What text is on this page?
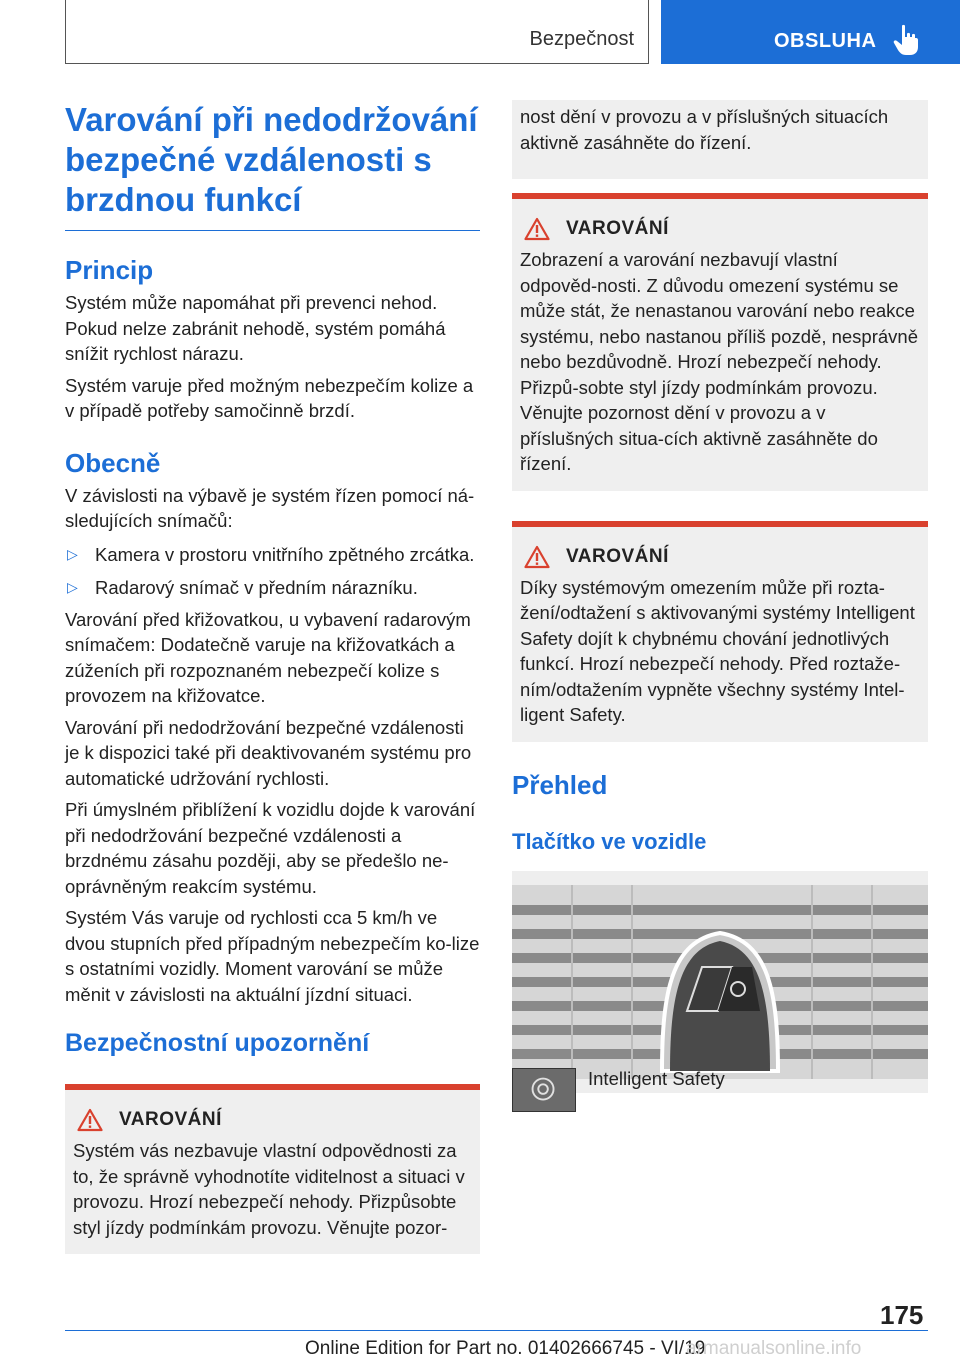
Bezpečnost	OBSLUHA
Varování při nedodržování bezpečné vzdálenosti s brzdnou funkcí
Princip

Systém může napomáhat při prevenci nehod. Pokud nelze zabránit nehodě, systém pomáhá snížit rychlost nárazu.

Systém varuje před možným nebezpečím kolize a v případě potřeby samočinně brzdí.

Obecně

V závislosti na výbavě je systém řízen pomocí ná-sledujících snímačů:

▷ Kamera v prostoru vnitřního zpětného zrcátka.
▷ Radarový snímač v předním nárazníku.

Varování před křižovatkou, u vybavení radarovým snímačem: Dodatečně varuje na křižovatkách a zúženích při rozpoznaném nebezpečí kolize s provozem na křižovatce.

Varování při nedodržování bezpečné vzdálenosti je k dispozici také při deaktivovaném systému pro automatické udržování rychlosti.

Při úmyslném přiblížení k vozidlu dojde k varování při nedodržování bezpečné vzdálenosti a brzdnému zásahu později, aby se předešlo ne-oprávněným reakcím systému.

Systém Vás varuje od rychlosti cca 5 km/h ve dvou stupních před případným nebezpečím ko-lize s ostatními vozidly. Moment varování se může měnit v závislosti na aktuální jízdní situaci.

Bezpečnostní upozornění
VAROVÁNÍ

Systém vás nezbavuje vlastní odpovědnosti za to, že správně vyhodnotíte viditelnost a situaci v provozu. Hrozí nebezpečí nehody. Přizpůsobte styl jízdy podmínkám provozu. Věnujte pozor-

nost dění v provozu a v příslušných situacích aktivně zasáhněte do řízení.

VAROVÁNÍ

Zobrazení a varování nezbavují vlastní odpověd-nosti. Z důvodu omezení systému se může stát, že nenastanou varování nebo reakce systému, nebo nastanou příliš pozdě, nesprávně nebo bezdůvodně. Hrozí nebezpečí nehody. Přizpů-sobte styl jízdy podmínkám provozu. Věnujte pozornost dění v provozu a v příslušných situa-cích aktivně zasáhněte do řízení.

VAROVÁNÍ

Díky systémovým omezením může při rozta-žení/odtažení s aktivovanými systémy Intelligent Safety dojít k chybnému chování jednotlivých funkcí. Hrozí nebezpečí nehody. Před roztaže-ním/odtažením vypněte všechny systémy Intel-ligent Safety.

Přehled
Tlačítko ve vozidle
Intelligent Safety
175
Online Edition for Part no. 01402666745 - VI/19
armanualsonline.info
